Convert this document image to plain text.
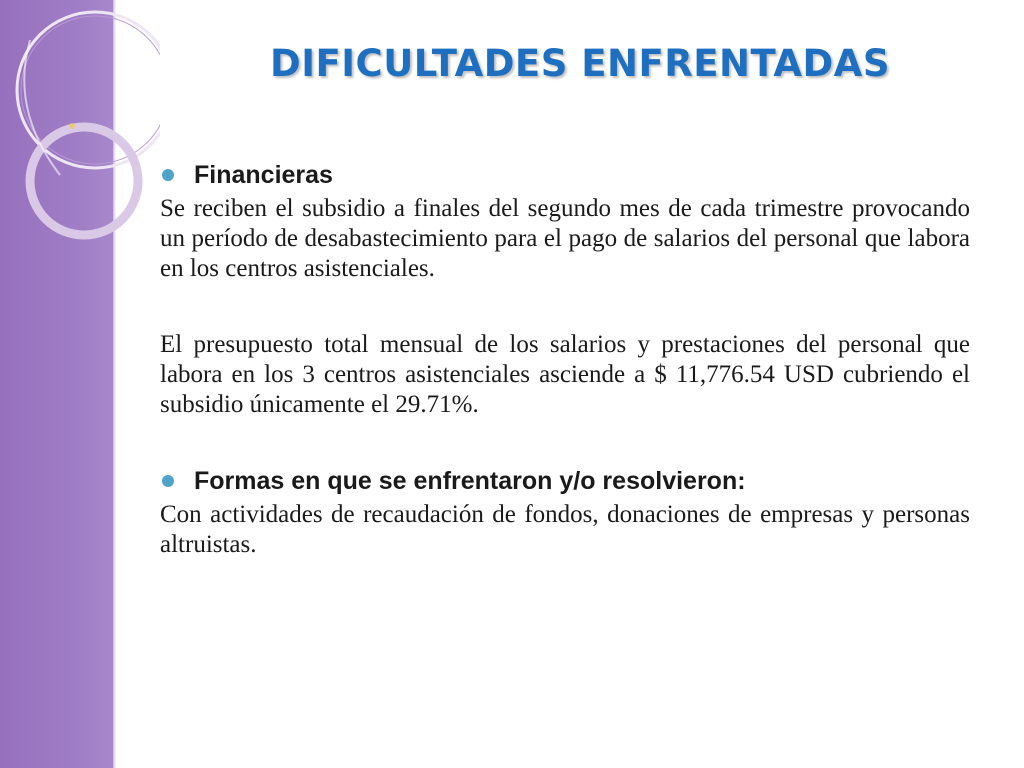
DIFICULTADES ENFRENTADAS
Financieras

Se reciben el subsidio a finales del segundo mes de cada trimestre provocando un período de desabastecimiento para el pago de salarios del personal que labora en los centros asistenciales.

El presupuesto total mensual de los salarios y prestaciones del personal que labora en los 3 centros asistenciales asciende a $ 11,776.54 USD cubriendo el subsidio únicamente el 29.71%.

Formas en que se enfrentaron y/o resolvieron:

Con actividades de recaudación de fondos, donaciones de empresas y personas altruistas.
